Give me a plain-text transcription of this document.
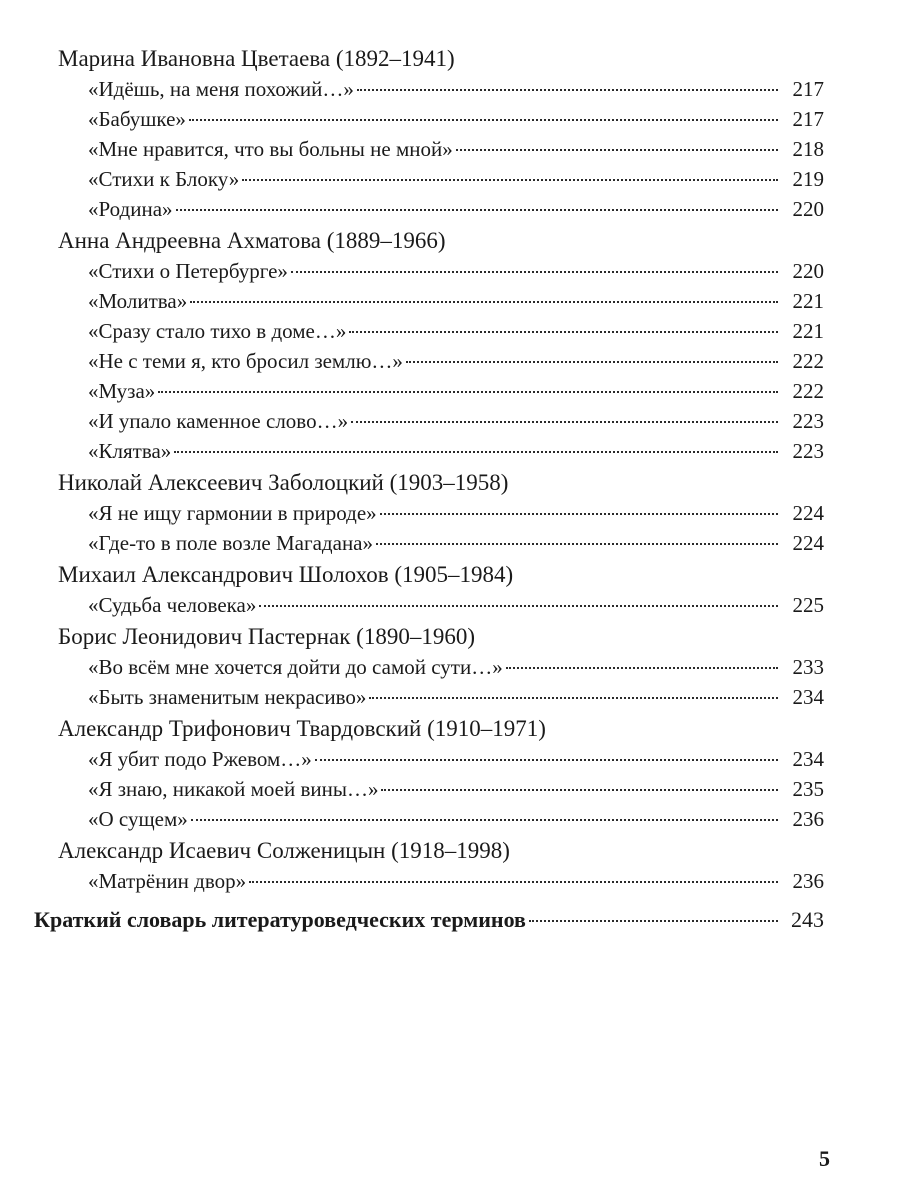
Марина Ивановна Цветаева (1892–1941)
«Идёшь, на меня похожий…»	217
«Бабушке»	217
«Мне нравится, что вы больны не мной»	218
«Стихи к Блоку»	219
«Родина»	220
Анна Андреевна Ахматова (1889–1966)
«Стихи о Петербурге»	220
«Молитва»	221
«Сразу стало тихо в доме…»	221
«Не с теми я, кто бросил землю…»	222
«Муза»	222
«И упало каменное слово…»	223
«Клятва»	223
Николай Алексеевич Заболоцкий (1903–1958)
«Я не ищу гармонии в природе»	224
«Где-то в поле возле Магадана»	224
Михаил Александрович Шолохов (1905–1984)
«Судьба человека»	225
Борис Леонидович Пастернак (1890–1960)
«Во всём мне хочется дойти до самой сути…»	233
«Быть знаменитым некрасиво»	234
Александр Трифонович Твардовский (1910–1971)
«Я убит подо Ржевом…»	234
«Я знаю, никакой моей вины…»	235
«О сущем»	236
Александр Исаевич Солженицын (1918–1998)
«Матрёнин двор»	236
Краткий словарь литературоведческих терминов	243
5
